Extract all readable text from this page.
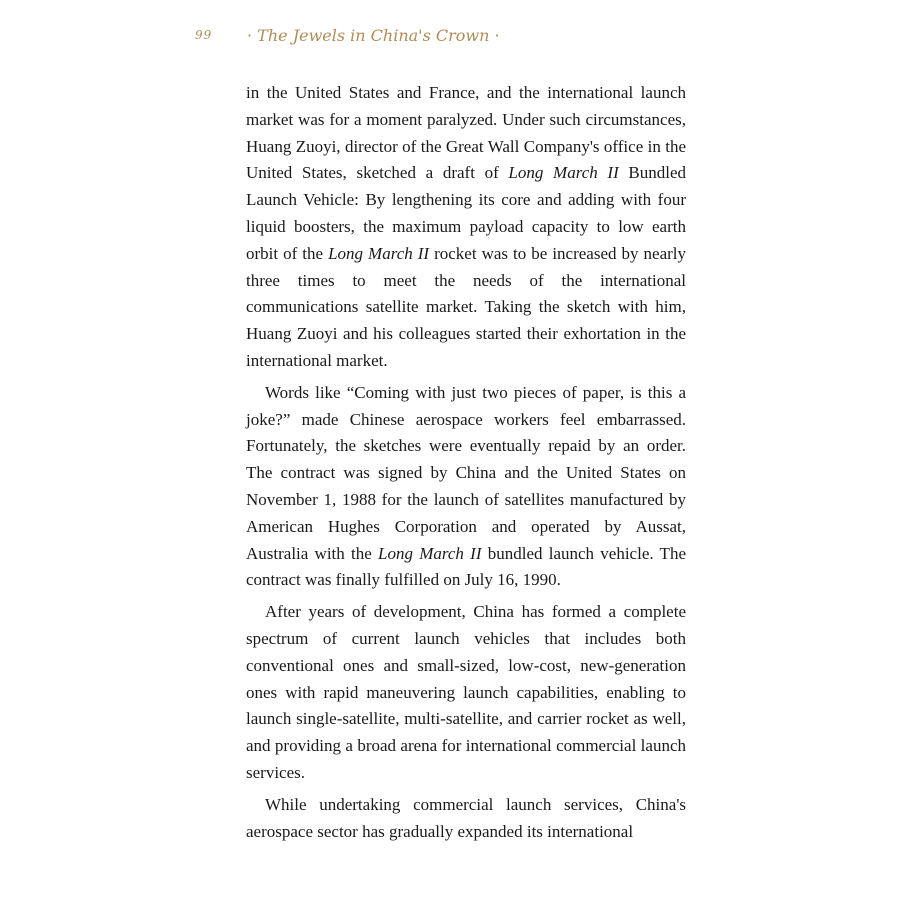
99 · The Jewels in China's Crown ·

in the United States and France, and the international launch market was for a moment paralyzed. Under such circumstances, Huang Zuoyi, director of the Great Wall Company's office in the United States, sketched a draft of Long March II Bundled Launch Vehicle: By lengthening its core and adding with four liquid boosters, the maximum payload capacity to low earth orbit of the Long March II rocket was to be increased by nearly three times to meet the needs of the international communications satellite market. Taking the sketch with him, Huang Zuoyi and his colleagues started their exhortation in the international market.

Words like “Coming with just two pieces of paper, is this a joke?” made Chinese aerospace workers feel embarrassed. Fortunately, the sketches were eventually repaid by an order. The contract was signed by China and the United States on November 1, 1988 for the launch of satellites manufactured by American Hughes Corporation and operated by Aussat, Australia with the Long March II bundled launch vehicle. The contract was finally fulfilled on July 16, 1990.

After years of development, China has formed a complete spectrum of current launch vehicles that includes both conventional ones and small-sized, low-cost, new-generation ones with rapid maneuvering launch capabilities, enabling to launch single-satellite, multi-satellite, and carrier rocket as well, and providing a broad arena for international commercial launch services.

While undertaking commercial launch services, China's aerospace sector has gradually expanded its international
